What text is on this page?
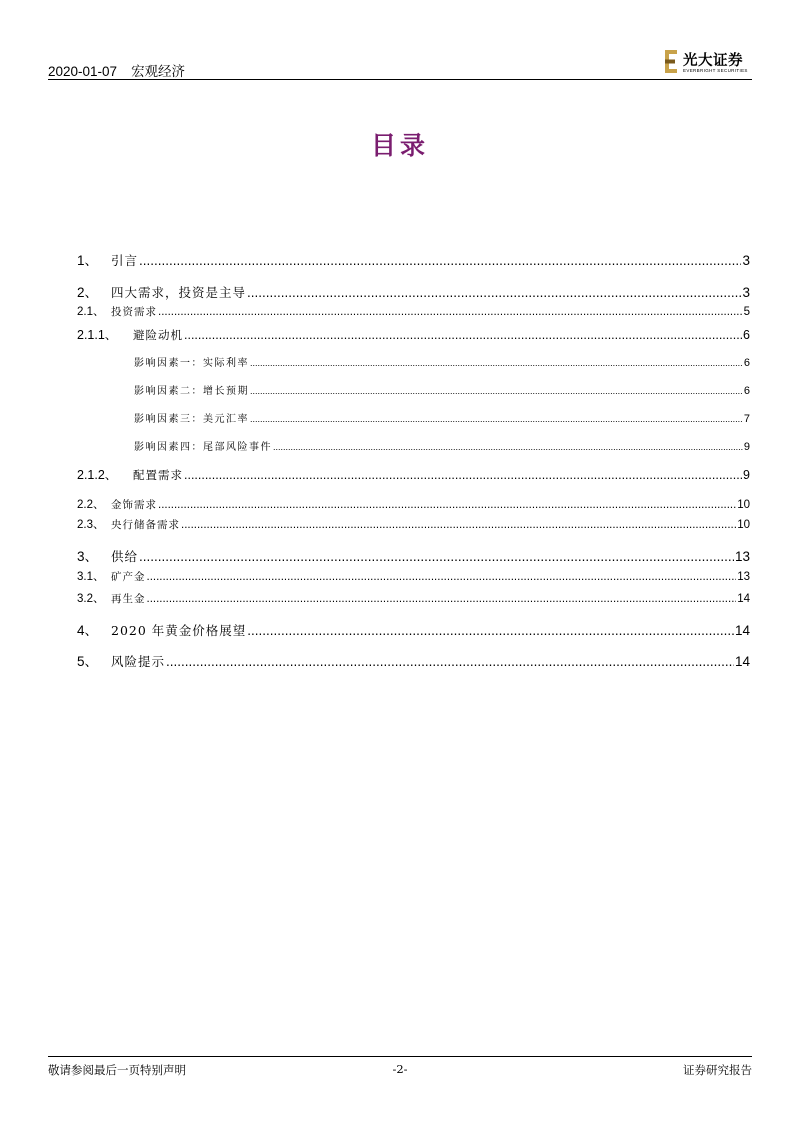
2020-01-07 宏观经济
光大证券
EVERBRIGHT SECURITIES
目录
1、	引言 .....	3
2、	四大需求，投资是主导 .....	3
2.1、 投资需求 .....	5
2.1.1、	避险动机 .....	6
影响因素一：实际利率 .....	6
影响因素二：增长预期 .....	6
影响因素三：美元汇率 .....	7
影响因素四：尾部风险事件 .....	9
2.1.2、	配置需求 .....	9
2.2、 金饰需求 .....	10
2.3、 央行储备需求 .....	10
3、	供给 .....	13
3.1、 矿产金 .....	13
3.2、 再生金 .....	14
4、	2020 年黄金价格展望 .....	14
5、	风险提示 .....	14
敬请参阅最后一页特别声明	-2-	证券研究报告
